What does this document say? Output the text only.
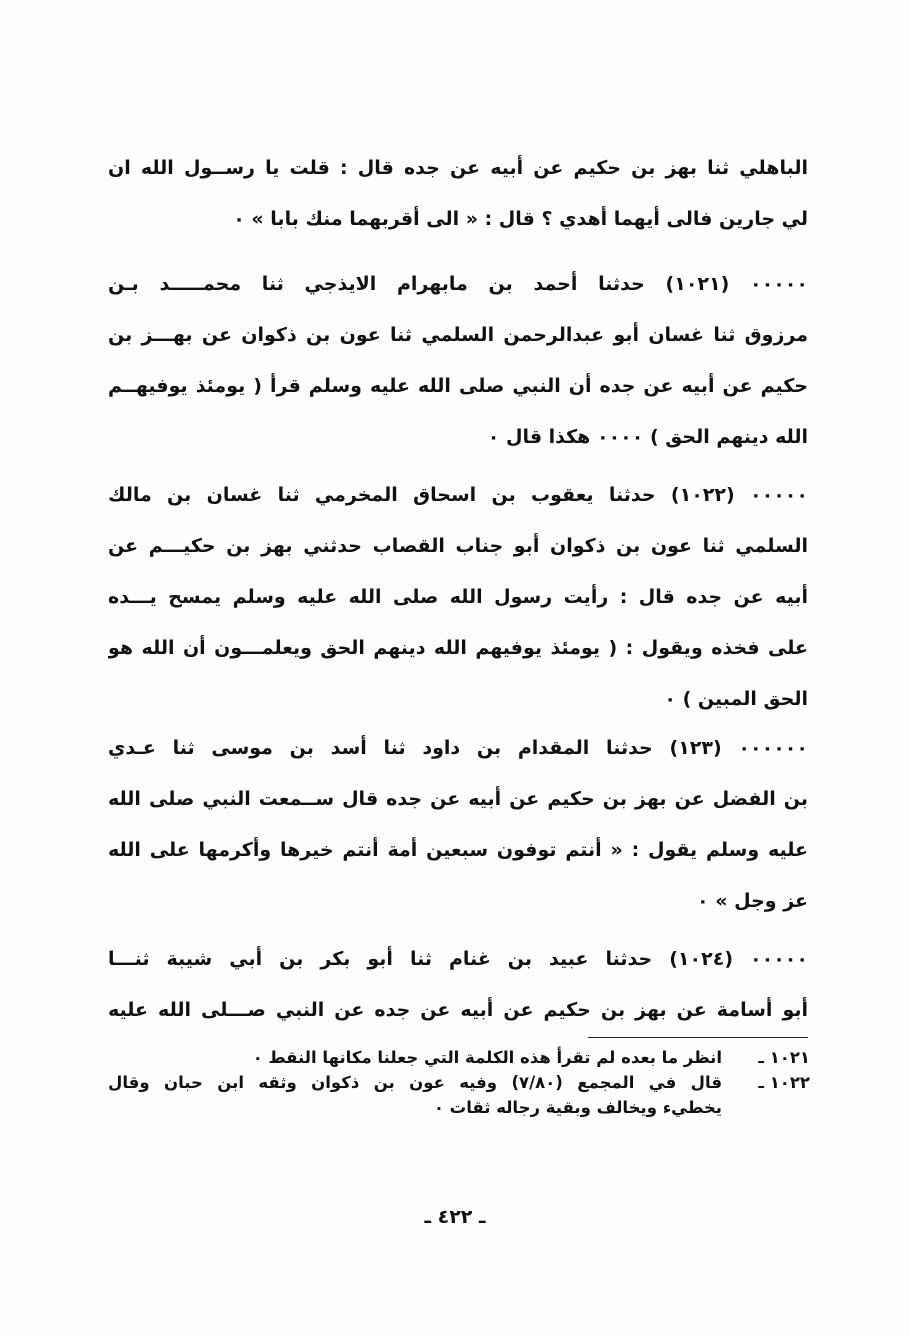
الباهلي ثنا بهز بن حكيم عن أبيه عن جده قال : قلت يا رســول الله ان
لي جارين فالى أيهما أهدي ؟ قال : « الى أقربهما منك بابا » ٠
٠٠٠٠٠ (١٠٢١) حدثنا أحمد بن مابهرام الايذجي ثنا محمـــــد بـن
مرزوق ثنا غسان أبو عبدالرحمن السلمي ثنا عون بن ذكوان عن بهـــز بن
حكيم عن أبيه عن جده أن النبي صلى الله عليه وسلم قرأ ( يومئذ يوفيهــم
الله دينهم الحق ) ٠٠٠٠ هكذا قال ٠
٠٠٠٠٠ (١٠٢٢) حدثنا يعقوب بن اسحاق المخرمي ثنا غسان بن مالك
السلمي ثنا عون بن ذكوان أبو جناب القصاب حدثني بهز بن حكيـــم عن
أبيه عن جده قال : رأيت رسول الله صلى الله عليه وسلم يمسح يـــده
على فخذه ويقول : ( يومئذ يوفيهم الله دينهم الحق ويعلمـــون أن الله هو
الحق المبين ) ٠
٠٠٠٠٠٠ (١٢٣) حدثنا المقدام بن داود ثنا أسد بن موسى ثنا عـدي
بن الفضل عن بهز بن حكيم عن أبيه عن جده قال ســمعت النبي صلى الله
عليه وسلم يقول : « أنتم توفون سبعين أمة أنتم خيرها وأكرمها على الله
عز وجل » ٠
٠٠٠٠٠ (١٠٢٤) حدثنا عبيد بن غنام ثنا أبو بكر بن أبي شيبة ثنـــا
أبو أسامة عن بهز بن حكيم عن أبيه عن جده عن النبي صـــلى الله عليه
١٠٢١ ـ
انظر ما بعده لم تقرأ هذه الكلمة التي جعلنا مكانها النقط ٠
١٠٢٢ ـ
قال في المجمع (٧/٨٠) وفيه عون بن ذكوان وثقه ابن حبان وقال
يخطيء ويخالف وبقية رجاله ثقات ٠
ـ ٤٢٢ ـ
